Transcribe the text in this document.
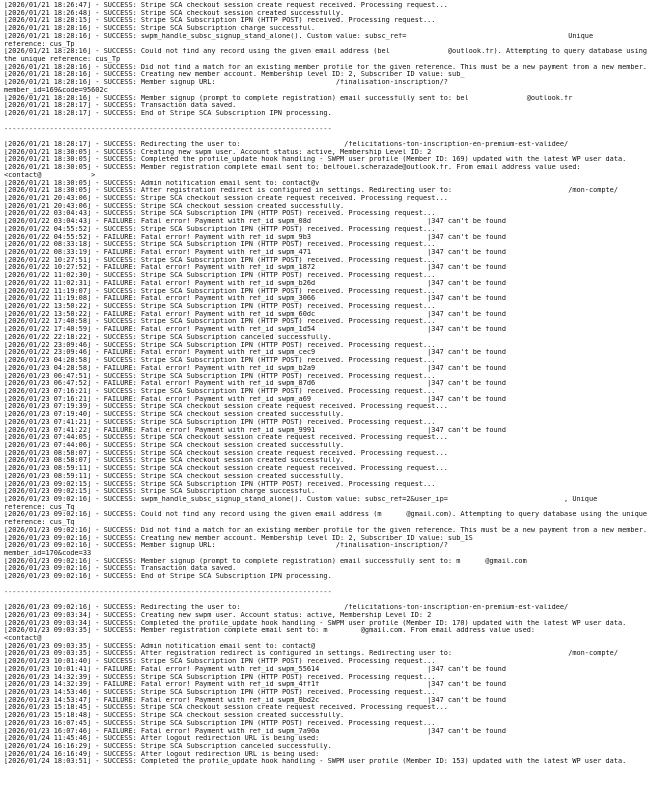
[2026/01/21 18:26:47] - SUCCESS: Stripe SCA checkout session create request received. Processing request...
[2026/01/21 18:26:48] - SUCCESS: Stripe SCA checkout session created successfully.
[2026/01/21 18:28:15] - SUCCESS: Stripe SCA Subscription IPN (HTTP POST) received. Processing request...
[2026/01/21 18:28:16] - SUCCESS: Stripe SCA Subscription charge successful.
[2026/01/21 18:28:16] - SUCCESS: swpm_handle_subsc_signup_stand_alone(). Custom value: subsc_ref=                                       Unique
reference: cus_Tp
[2026/01/21 18:28:16] - SUCCESS: Could not find any record using the given email address (bel              @outlook.fr). Attempting to query database using
the unique reference: cus_Tp
[2026/01/21 18:28:16] - SUCCESS: Did not find a match for an existing member profile for the given reference. This must be a new payment from a new member.
[2026/01/21 18:28:16] - SUCCESS: Creating new member account. Membership level ID: 2, Subscriber ID value: sub_
[2026/01/21 18:28:16] - SUCCESS: Member signup URL:                             /finalisation-inscription/?
member_id=169&code=95602c
[2026/01/21 18:28:16] - SUCCESS: Member signup (prompt to complete registration) email successfully sent to: bel              @outlook.fr
[2026/01/21 18:28:17] - SUCCESS: Transaction data saved.
[2026/01/21 18:28:17] - SUCCESS: End of Stripe SCA Subscription IPN processing.
-------------------------------------------------------------------------------
[2026/01/21 18:28:17] - SUCCESS: Redirecting the user to:                         /felicitations-ton-inscription-en-premium-est-validee/
[2026/01/21 18:30:05] - SUCCESS: Creating new swpm user. Account status: active, Membership Level ID: 2
[2026/01/21 18:30:05] - SUCCESS: Completed the profile_update hook handling - SWPM user profile (Member ID: 169) updated with the latest WP user data.
[2026/01/21 18:30:05] - SUCCESS: Member registration complete email sent to: belfouel.scherazade@outlook.fr. From email address value used:
<contact@            >
[2026/01/21 18:30:05] - SUCCESS: Admin notification email sent to: contact@v
[2026/01/21 18:30:05] - SUCCESS: After registration redirect is configured in settings. Redirecting user to:                            /mon-compte/
[2026/01/21 20:43:06] - SUCCESS: Stripe SCA checkout session create request received. Processing request...
[2026/01/21 20:43:06] - SUCCESS: Stripe SCA checkout session created successfully.
[2026/01/22 03:04:43] - SUCCESS: Stripe SCA Subscription IPN (HTTP POST) received. Processing request...
[2026/01/22 03:04:43] - FAILURE: Fatal error! Payment with ref_id swpm_08d                            |347 can't be found
[2026/01/22 04:55:52] - SUCCESS: Stripe SCA Subscription IPN (HTTP POST) received. Processing request...
[2026/01/22 04:55:52] - FAILURE: Fatal error! Payment with ref_id swpm_9b3                            |347 can't be found
[2026/01/22 08:33:18] - SUCCESS: Stripe SCA Subscription IPN (HTTP POST) received. Processing request...
[2026/01/22 08:33:19] - FAILURE: Fatal error! Payment with ref_id swpm_471                            |347 can't be found
[2026/01/22 10:27:51] - SUCCESS: Stripe SCA Subscription IPN (HTTP POST) received. Processing request...
[2026/01/22 10:27:52] - FAILURE: Fatal error! Payment with ref_id swpm_1872                           |347 can't be found
[2026/01/22 11:02:30] - SUCCESS: Stripe SCA Subscription IPN (HTTP POST) received. Processing request...
[2026/01/22 11:02:31] - FAILURE: Fatal error! Payment with ref_id swpm_b26d                           |347 can't be found
[2026/01/22 11:19:07] - SUCCESS: Stripe SCA Subscription IPN (HTTP POST) received. Processing request...
[2026/01/22 11:19:08] - FAILURE: Fatal error! Payment with ref_id swpm_3066                           |347 can't be found
[2026/01/22 13:50:22] - SUCCESS: Stripe SCA Subscription IPN (HTTP POST) received. Processing request...
[2026/01/22 13:50:22] - FAILURE: Fatal error! Payment with ref_id swpm_60dc                           |347 can't be found
[2026/01/22 17:40:58] - SUCCESS: Stripe SCA Subscription IPN (HTTP POST) received. Processing request...
[2026/01/22 17:40:59] - FAILURE: Fatal error! Payment with ref_id swpm_1d54                           |347 can't be found
[2026/01/22 22:18:22] - SUCCESS: Stripe SCA Subscription canceled successfully.
[2026/01/22 23:09:46] - SUCCESS: Stripe SCA Subscription IPN (HTTP POST) received. Processing request...
[2026/01/22 23:09:46] - FAILURE: Fatal error! Payment with ref_id swpm_cec9                           |347 can't be found
[2026/01/23 04:28:58] - SUCCESS: Stripe SCA Subscription IPN (HTTP POST) received. Processing request...
[2026/01/23 04:28:58] - FAILURE: Fatal error! Payment with ref_id swpm_b2a9                           |347 can't be found
[2026/01/23 06:47:51] - SUCCESS: Stripe SCA Subscription IPN (HTTP POST) received. Processing request...
[2026/01/23 06:47:52] - FAILURE: Fatal error! Payment with ref_id swpm_87d6                           |347 can't be found
[2026/01/23 07:16:21] - SUCCESS: Stripe SCA Subscription IPN (HTTP POST) received. Processing request...
[2026/01/23 07:16:21] - FAILURE: Fatal error! Payment with ref_id swpm_a69                            |347 can't be found
[2026/01/23 07:19:39] - SUCCESS: Stripe SCA checkout session create request received. Processing request...
[2026/01/23 07:19:40] - SUCCESS: Stripe SCA checkout session created successfully.
[2026/01/23 07:41:21] - SUCCESS: Stripe SCA Subscription IPN (HTTP POST) received. Processing request...
[2026/01/23 07:41:22] - FAILURE: Fatal error! Payment with ref_id swpm_9991                           |347 can't be found
[2026/01/23 07:44:05] - SUCCESS: Stripe SCA checkout session create request received. Processing request...
[2026/01/23 07:44:06] - SUCCESS: Stripe SCA checkout session created successfully.
[2026/01/23 08:58:07] - SUCCESS: Stripe SCA checkout session create request received. Processing request...
[2026/01/23 08:58:07] - SUCCESS: Stripe SCA checkout session created successfully.
[2026/01/23 08:59:11] - SUCCESS: Stripe SCA checkout session create request received. Processing request...
[2026/01/23 08:59:11] - SUCCESS: Stripe SCA checkout session created successfully.
[2026/01/23 09:02:15] - SUCCESS: Stripe SCA Subscription IPN (HTTP POST) received. Processing request...
[2026/01/23 09:02:15] - SUCCESS: Stripe SCA Subscription charge successful.
[2026/01/23 09:02:16] - SUCCESS: swpm_handle_subsc_signup_stand_alone(). Custom value: subsc_ref=2&user_ip=                            , Unique
reference: cus_Tq
[2026/01/23 09:02:16] - SUCCESS: Could not find any record using the given email address (m      @gmail.com). Attempting to query database using the unique
reference: cus_Tq
[2026/01/23 09:02:16] - SUCCESS: Did not find a match for an existing member profile for the given reference. This must be a new payment from a new member.
[2026/01/23 09:02:16] - SUCCESS: Creating new member account. Membership level ID: 2, Subscriber ID value: sub_1S
[2026/01/23 09:02:16] - SUCCESS: Member signup URL:                             /finalisation-inscription/?
member_id=170&code=33
[2026/01/23 09:02:16] - SUCCESS: Member signup (prompt to complete registration) email successfully sent to: m      @gmail.com
[2026/01/23 09:02:16] - SUCCESS: Transaction data saved.
[2026/01/23 09:02:16] - SUCCESS: End of Stripe SCA Subscription IPN processing.
-------------------------------------------------------------------------------
[2026/01/23 09:02:16] - SUCCESS: Redirecting the user to:                         /felicitations-ton-inscription-en-premium-est-validee/
[2026/01/23 09:03:34] - SUCCESS: Creating new swpm user. Account status: active, Membership Level ID: 2
[2026/01/23 09:03:34] - SUCCESS: Completed the profile_update hook handling - SWPM user profile (Member ID: 170) updated with the latest WP user data.
[2026/01/23 09:03:35] - SUCCESS: Member registration complete email sent to: m        @gmail.com. From email address value used:
<contact@
[2026/01/23 09:03:35] - SUCCESS: Admin notification email sent to: contact@
[2026/01/23 09:03:35] - SUCCESS: After registration redirect is configured in settings. Redirecting user to:                            /mon-compte/
[2026/01/23 10:01:40] - SUCCESS: Stripe SCA Subscription IPN (HTTP POST) received. Processing request...
[2026/01/23 10:01:41] - FAILURE: Fatal error! Payment with ref_id swpm_55614                          |347 can't be found
[2026/01/23 14:32:39] - SUCCESS: Stripe SCA Subscription IPN (HTTP POST) received. Processing request...
[2026/01/23 14:32:39] - FAILURE: Fatal error! Payment with ref_id swpm_4ff1f                          |347 can't be found
[2026/01/23 14:53:46] - SUCCESS: Stripe SCA Subscription IPN (HTTP POST) received. Processing request...
[2026/01/23 14:53:47] - FAILURE: Fatal error! Payment with ref_id swpm_0bd2c                          |347 can't be found
[2026/01/23 15:18:45] - SUCCESS: Stripe SCA checkout session create request received. Processing request...
[2026/01/23 15:18:48] - SUCCESS: Stripe SCA checkout session created successfully.
[2026/01/23 16:07:45] - SUCCESS: Stripe SCA Subscription IPN (HTTP POST) received. Processing request...
[2026/01/23 16:07:46] - FAILURE: Fatal error! Payment with ref_id swpm_7a90a                          |347 can't be found
[2026/01/24 11:45:46] - SUCCESS: After logout redirection URL is being used:
[2026/01/24 16:16:29] - SUCCESS: Stripe SCA Subscription canceled successfully.
[2026/01/24 16:16:49] - SUCCESS: After logout redirection URL is being used:
[2026/01/24 18:03:51] - SUCCESS: Completed the profile_update hook handling - SWPM user profile (Member ID: 153) updated with the latest WP user data.
